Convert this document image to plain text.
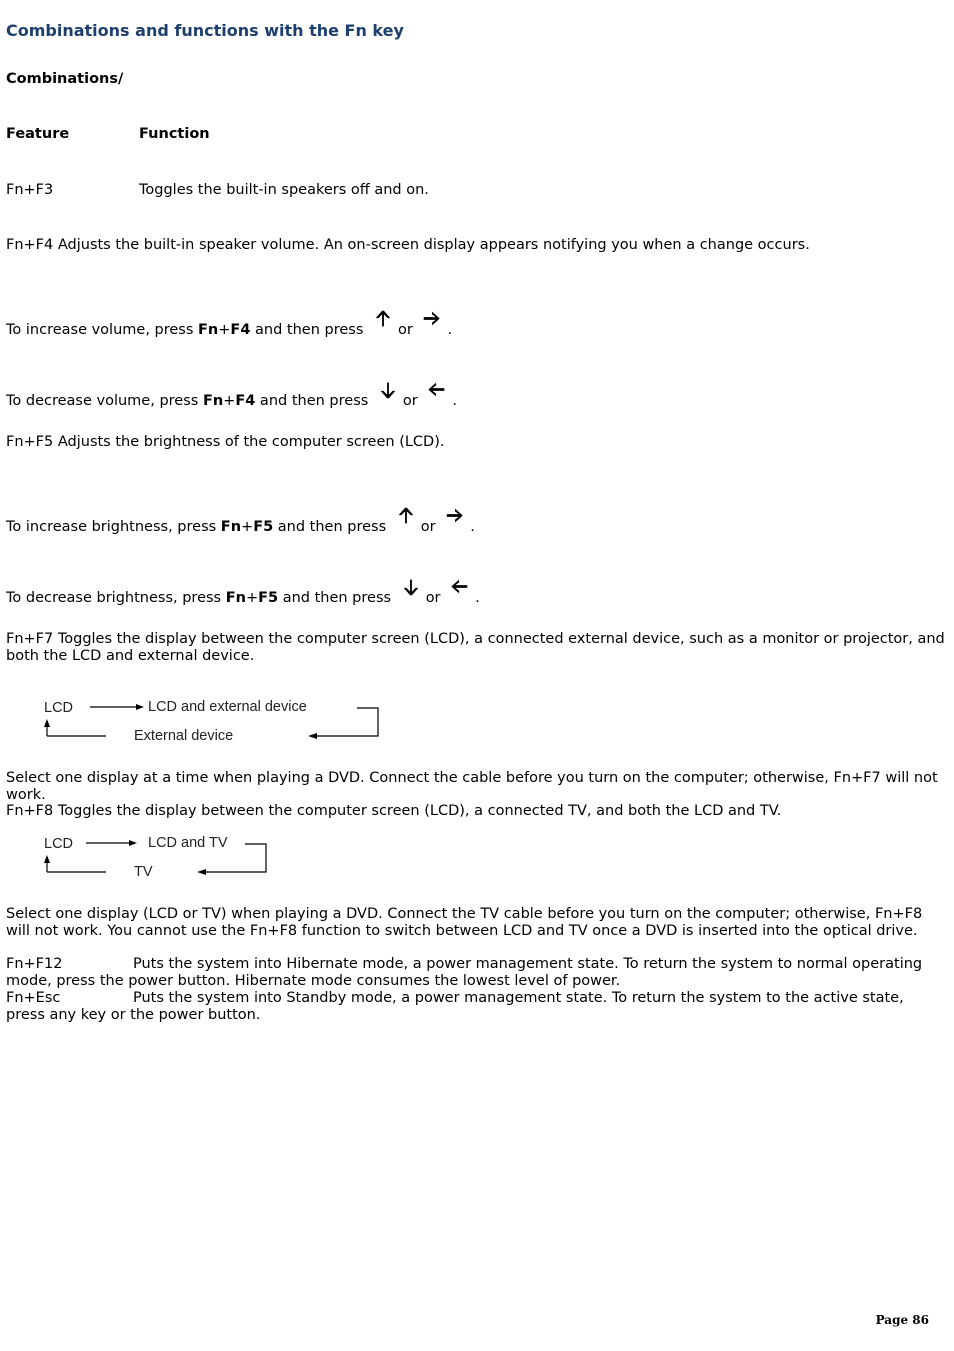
Combinations and functions with the Fn key
Combinations/
Feature	Function
Fn+F3	Toggles the built-in speakers off and on.
Fn+F4 Adjusts the built-in speaker volume. An on-screen display appears notifying you when a change occurs.
To increase volume, press Fn+F4 and then press or .
To decrease volume, press Fn+F4 and then press or .
Fn+F5 Adjusts the brightness of the computer screen (LCD).
To increase brightness, press Fn+F5 and then press or .
To decrease brightness, press Fn+F5 and then press or .
Fn+F7 Toggles the display between the computer screen (LCD), a connected external device, such as a monitor or projector, and both the LCD and external device.
LCD	LCD and external device
External device
Select one display at a time when playing a DVD. Connect the cable before you turn on the computer; otherwise, Fn+F7 will not work.
Fn+F8 Toggles the display between the computer screen (LCD), a connected TV, and both the LCD and TV.
LCD	LCD and TV
TV
Select one display (LCD or TV) when playing a DVD. Connect the TV cable before you turn on the computer; otherwise, Fn+F8 will not work. You cannot use the Fn+F8 function to switch between LCD and TV once a DVD is inserted into the optical drive.
Fn+F12	Puts the system into Hibernate mode, a power management state. To return the system to normal operating mode, press the power button. Hibernate mode consumes the lowest level of power.
Fn+Esc	Puts the system into Standby mode, a power management state. To return the system to the active state, press any key or the power button.
Page 86
